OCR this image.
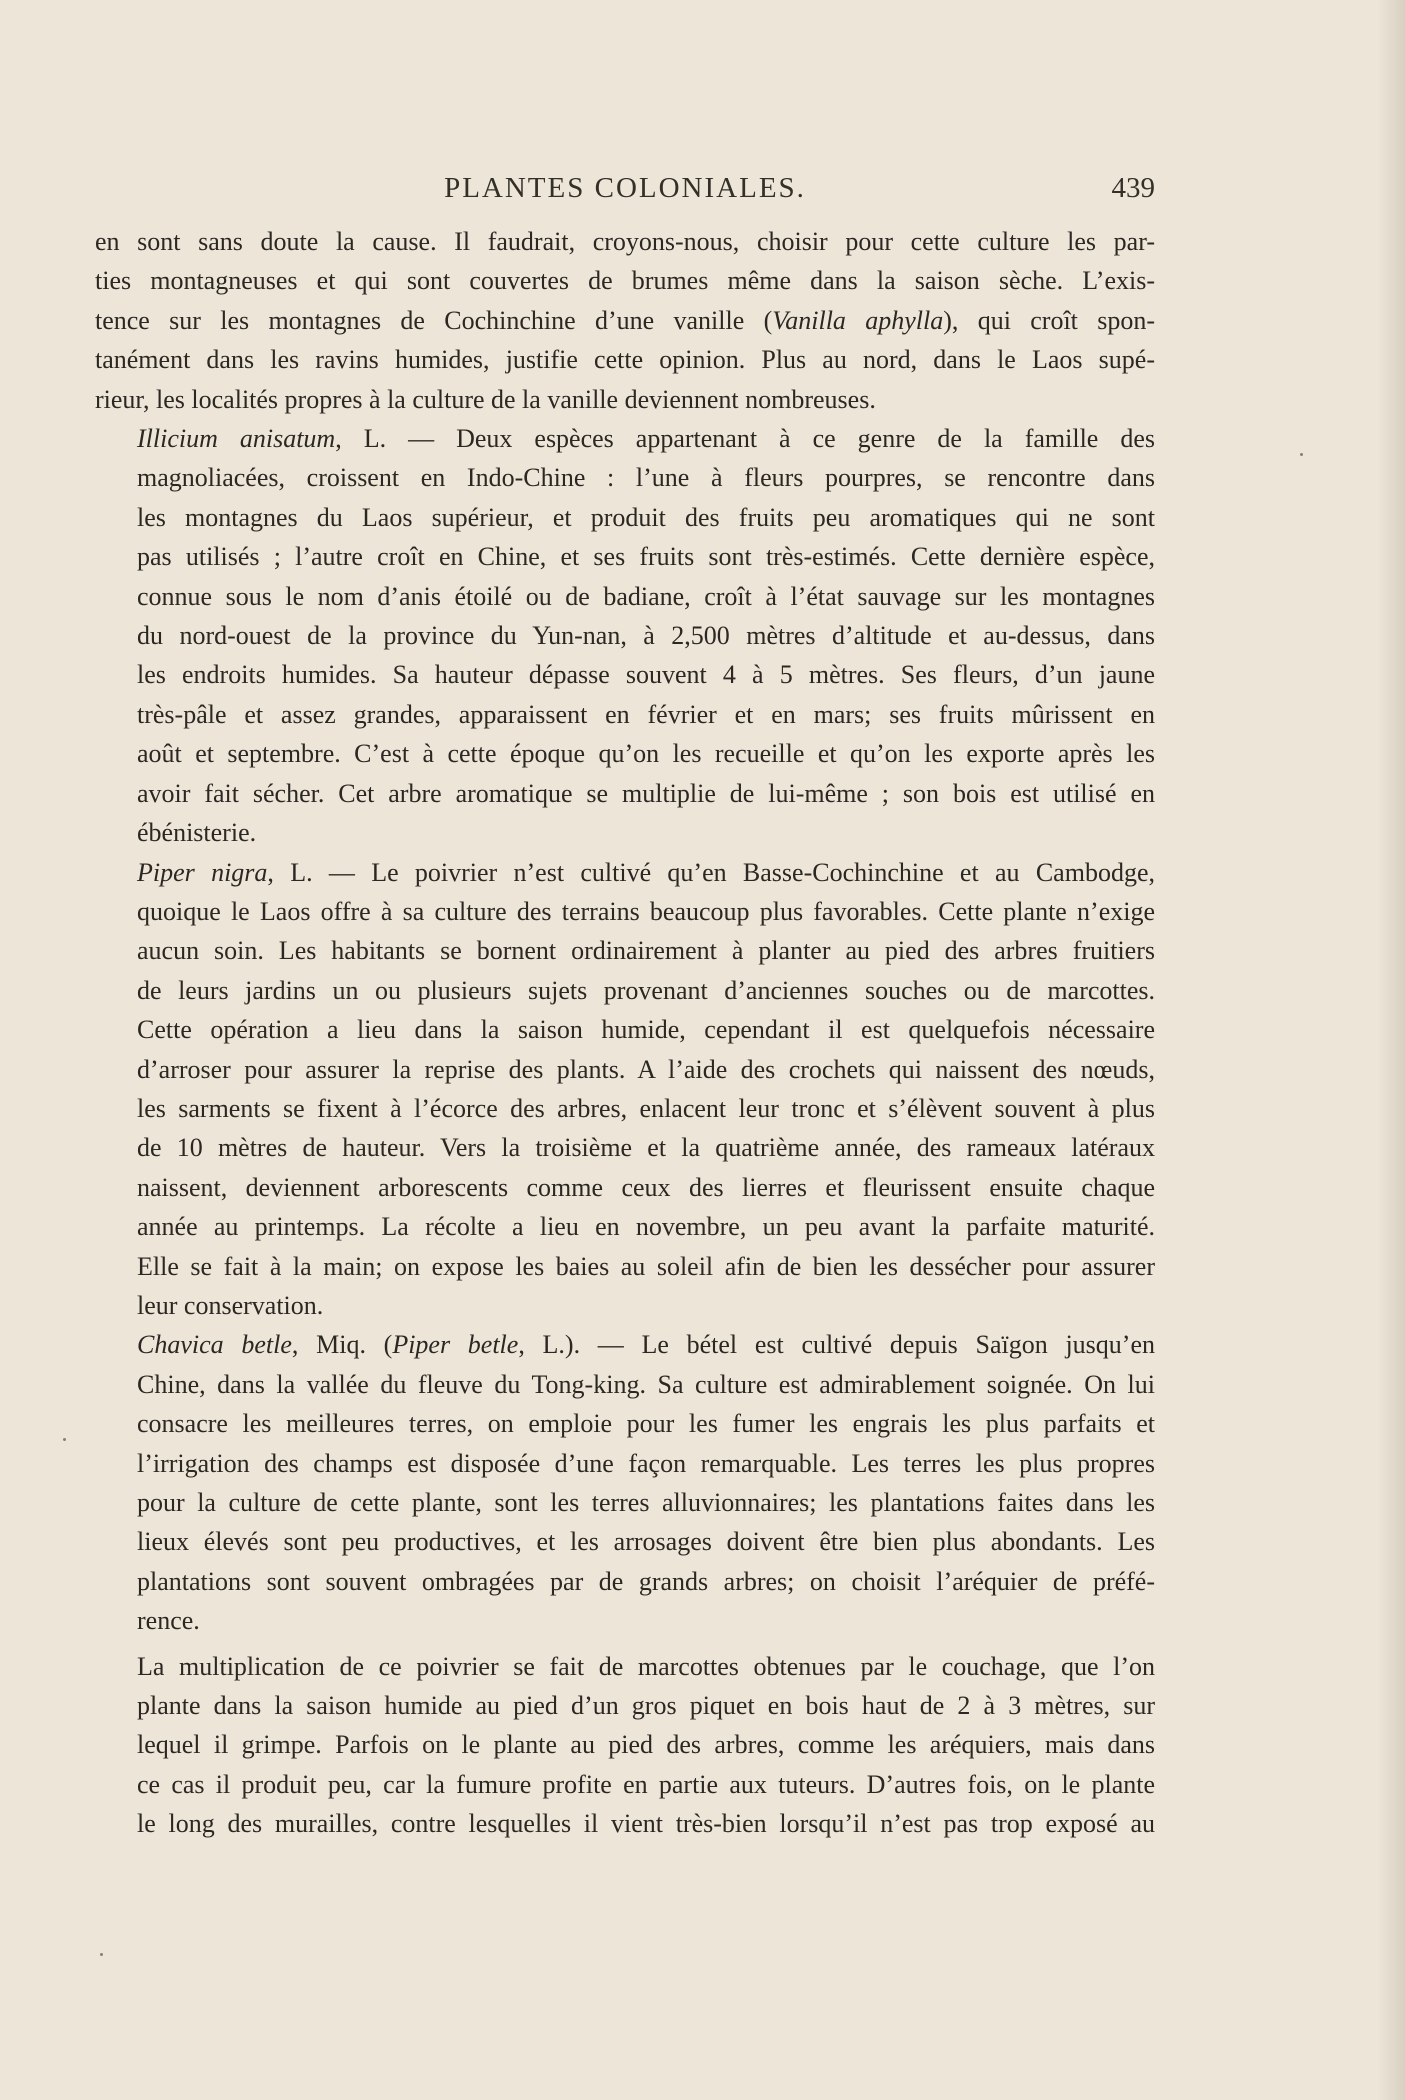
PLANTES COLONIALES.	439

en sont sans doute la cause. Il faudrait, croyons-nous, choisir pour cette culture les par-
ties montagneuses et qui sont couvertes de brumes même dans la saison sèche. L’exis-
tence sur les montagnes de Cochinchine d’une vanille (Vanilla aphylla), qui croît spon-
tanément dans les ravins humides, justifie cette opinion. Plus au nord, dans le Laos supé-
rieur, les localités propres à la culture de la vanille deviennent nombreuses.

Illicium anisatum, L. — Deux espèces appartenant à ce genre de la famille des
magnoliacées, croissent en Indo-Chine : l’une à fleurs pourpres, se rencontre dans
les montagnes du Laos supérieur, et produit des fruits peu aromatiques qui ne sont
pas utilisés ; l’autre croît en Chine, et ses fruits sont très-estimés. Cette dernière espèce,
connue sous le nom d’anis étoilé ou de badiane, croît à l’état sauvage sur les montagnes
du nord-ouest de la province du Yun-nan, à 2,500 mètres d’altitude et au-dessus, dans
les endroits humides. Sa hauteur dépasse souvent 4 à 5 mètres. Ses fleurs, d’un jaune
très-pâle et assez grandes, apparaissent en février et en mars; ses fruits mûrissent en
août et septembre. C’est à cette époque qu’on les recueille et qu’on les exporte après les
avoir fait sécher. Cet arbre aromatique se multiplie de lui-même ; son bois est utilisé en
ébénisterie.

Piper nigra, L. — Le poivrier n’est cultivé qu’en Basse-Cochinchine et au Cambodge,
quoique le Laos offre à sa culture des terrains beaucoup plus favorables. Cette plante n’exige
aucun soin. Les habitants se bornent ordinairement à planter au pied des arbres fruitiers
de leurs jardins un ou plusieurs sujets provenant d’anciennes souches ou de marcottes.
Cette opération a lieu dans la saison humide, cependant il est quelquefois nécessaire
d’arroser pour assurer la reprise des plants. A l’aide des crochets qui naissent des nœuds,
les sarments se fixent à l’écorce des arbres, enlacent leur tronc et s’élèvent souvent à plus
de 10 mètres de hauteur. Vers la troisième et la quatrième année, des rameaux latéraux
naissent, deviennent arborescents comme ceux des lierres et fleurissent ensuite chaque
année au printemps. La récolte a lieu en novembre, un peu avant la parfaite maturité.
Elle se fait à la main; on expose les baies au soleil afin de bien les dessécher pour assurer
leur conservation.

Chavica betle, Miq. (Piper betle, L.). — Le bétel est cultivé depuis Saïgon jusqu’en
Chine, dans la vallée du fleuve du Tong-king. Sa culture est admirablement soignée. On lui
consacre les meilleures terres, on emploie pour les fumer les engrais les plus parfaits et
l’irrigation des champs est disposée d’une façon remarquable. Les terres les plus propres
pour la culture de cette plante, sont les terres alluvionnaires; les plantations faites dans les
lieux élevés sont peu productives, et les arrosages doivent être bien plus abondants. Les
plantations sont souvent ombragées par de grands arbres; on choisit l’aréquier de préfé-
rence.

La multiplication de ce poivrier se fait de marcottes obtenues par le couchage, que l’on
plante dans la saison humide au pied d’un gros piquet en bois haut de 2 à 3 mètres, sur
lequel il grimpe. Parfois on le plante au pied des arbres, comme les aréquiers, mais dans
ce cas il produit peu, car la fumure profite en partie aux tuteurs. D’autres fois, on le plante
le long des murailles, contre lesquelles il vient très-bien lorsqu’il n’est pas trop exposé au
